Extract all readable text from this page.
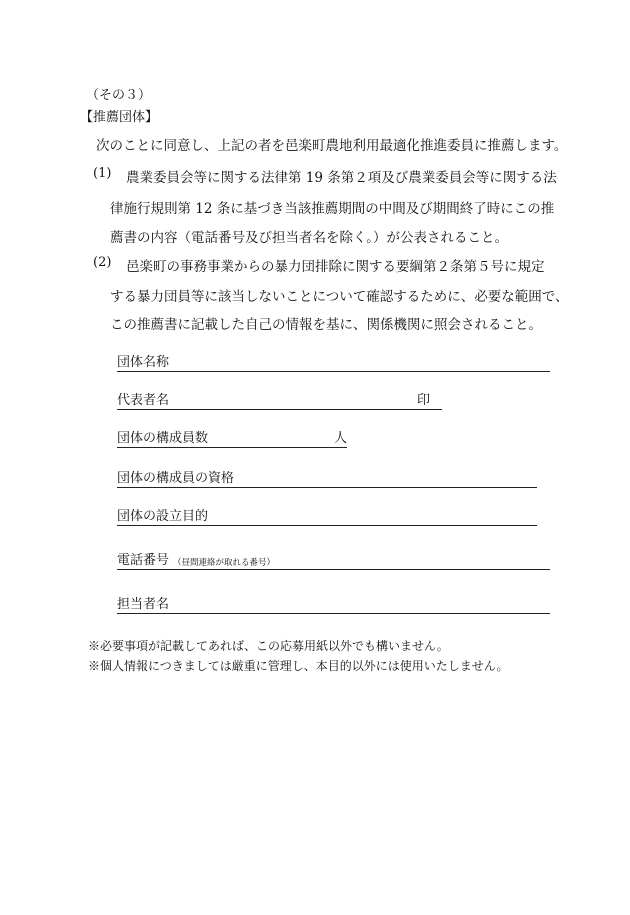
（その３）
【推薦団体】
次のことに同意し、上記の者を邑楽町農地利用最適化推進委員に推薦します。
(1) 農業委員会等に関する法律第 19 条第２項及び農業委員会等に関する法
律施行規則第 12 条に基づき当該推薦期間の中間及び期間終了時にこの推
薦書の内容（電話番号及び担当者名を除く。）が公表されること。
(2) 邑楽町の事務事業からの暴力団排除に関する要綱第２条第５号に規定
する暴力団員等に該当しないことについて確認するために、必要な範囲で、
この推薦書に記載した自己の情報を基に、関係機関に照会されること。
団体名称
代表者名	印
団体の構成員数	人
団体の構成員の資格
団体の設立目的
電話番号 （昼間連絡が取れる番号）
担当者名
※必要事項が記載してあれば、この応募用紙以外でも構いません。
※個人情報につきましては厳重に管理し、本目的以外には使用いたしません。
